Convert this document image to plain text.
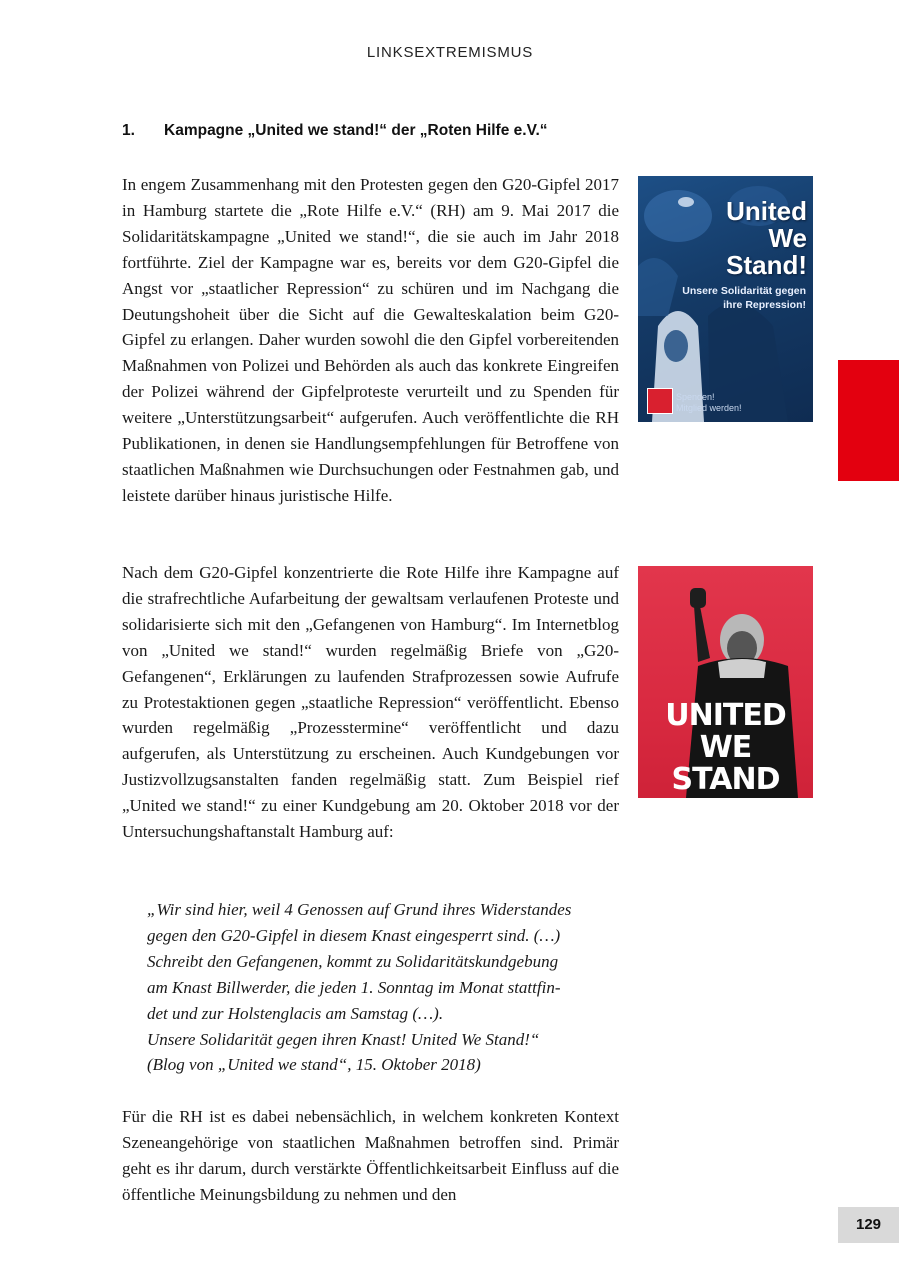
LINKSEXTREMISMUS
1. Kampagne „United we stand!“ der „Roten Hilfe e.V.“

In engem Zusammenhang mit den Protesten gegen den G20-Gipfel 2017 in Hamburg startete die „Rote Hilfe e.V.“ (RH) am 9. Mai 2017 die Solidaritätskampagne „United we stand!“, die sie auch im Jahr 2018 fortführte. Ziel der Kampagne war es, bereits vor dem G20-Gipfel die Angst vor „staatlicher Repression“ zu schüren und im Nachgang die Deutungshoheit über die Sicht auf die Gewalteskalation beim G20-Gipfel zu erlangen. Daher wurden sowohl die den Gipfel vorbereitenden Maßnahmen von Polizei und Behörden als auch das konkrete Eingreifen der Polizei während der Gipfelproteste verurteilt und zu Spenden für weitere „Unterstützungsarbeit“ aufgerufen. Auch veröffentlichte die RH Publikationen, in denen sie Handlungsempfehlungen für Betroffene von staatlichen Maßnahmen wie Durchsuchungen oder Festnahmen gab, und leistete darüber hinaus juristische Hilfe.

United
We
Stand!
Unsere Solidarität gegen
ihre Repression!
Spenden!
Mitglied werden!

Nach dem G20-Gipfel konzentrierte die Rote Hilfe ihre Kampagne auf die strafrechtliche Aufarbeitung der gewaltsam verlaufenen Proteste und solidarisierte sich mit den „Gefangenen von Hamburg“. Im Internetblog von „United we stand!“ wurden regelmäßig Briefe von „G20-Gefangenen“, Erklärungen zu laufenden Strafprozessen sowie Aufrufe zu Protestaktionen gegen „staatliche Repression“ veröffentlicht. Ebenso wurden regelmäßig „Prozesstermine“ veröffentlicht und dazu aufgerufen, als Unterstützung zu erscheinen. Auch Kundgebungen vor Justizvollzugsanstalten fanden regelmäßig statt. Zum Beispiel rief „United we stand!“ zu einer Kundgebung am 20. Oktober 2018 vor der Untersuchungshaftanstalt Hamburg auf:

UNITED
WE
STAND
„Wir sind hier, weil 4 Genossen auf Grund ihres Widerstandes
gegen den G20-Gipfel in diesem Knast eingesperrt sind. (…)
Schreibt den Gefangenen, kommt zu Solidaritätskundgebung
am Knast Billwerder, die jeden 1. Sonntag im Monat stattfin-
det und zur Holstenglacis am Samstag (…).
Unsere Solidarität gegen ihren Knast! United We Stand!“
(Blog von „United we stand“, 15. Oktober 2018)

Für die RH ist es dabei nebensächlich, in welchem konkreten Kontext Szeneangehörige von staatlichen Maßnahmen betroffen sind. Primär geht es ihr darum, durch verstärkte Öffentlichkeitsarbeit Einfluss auf die öffentliche Meinungsbildung zu nehmen und den

129
